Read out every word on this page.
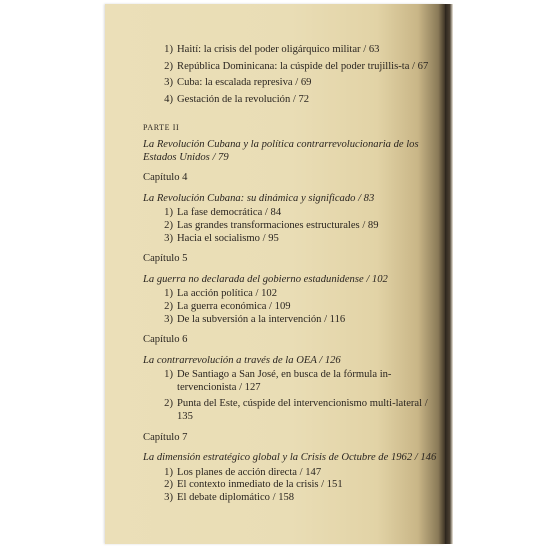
1) Haití: la crisis del poder oligárquico militar / 63
2) República Dominicana: la cúspide del poder trujillis-ta / 67
3) Cuba: la escalada represiva / 69
4) Gestación de la revolución / 72
PARTE II
La Revolución Cubana y la política contrarrevolucionaria de los Estados Unidos / 79
Capítulo 4
La Revolución Cubana: su dinámica y significado / 83
1) La fase democrática / 84
2) Las grandes transformaciones estructurales / 89
3) Hacia el socialismo / 95
Capítulo 5
La guerra no declarada del gobierno estadunidense / 102
1) La acción política / 102
2) La guerra económica / 109
3) De la subversión a la intervención / 116
Capítulo 6
La contrarrevolución a través de la OEA / 126
1) De Santiago a San José, en busca de la fórmula in-tervencionista / 127
2) Punta del Este, cúspide del intervencionismo multi-lateral / 135
Capítulo 7
La dimensión estratégico global y la Crisis de Octubre de 1962 / 146
1) Los planes de acción directa / 147
2) El contexto inmediato de la crisis / 151
3) El debate diplomático / 158
